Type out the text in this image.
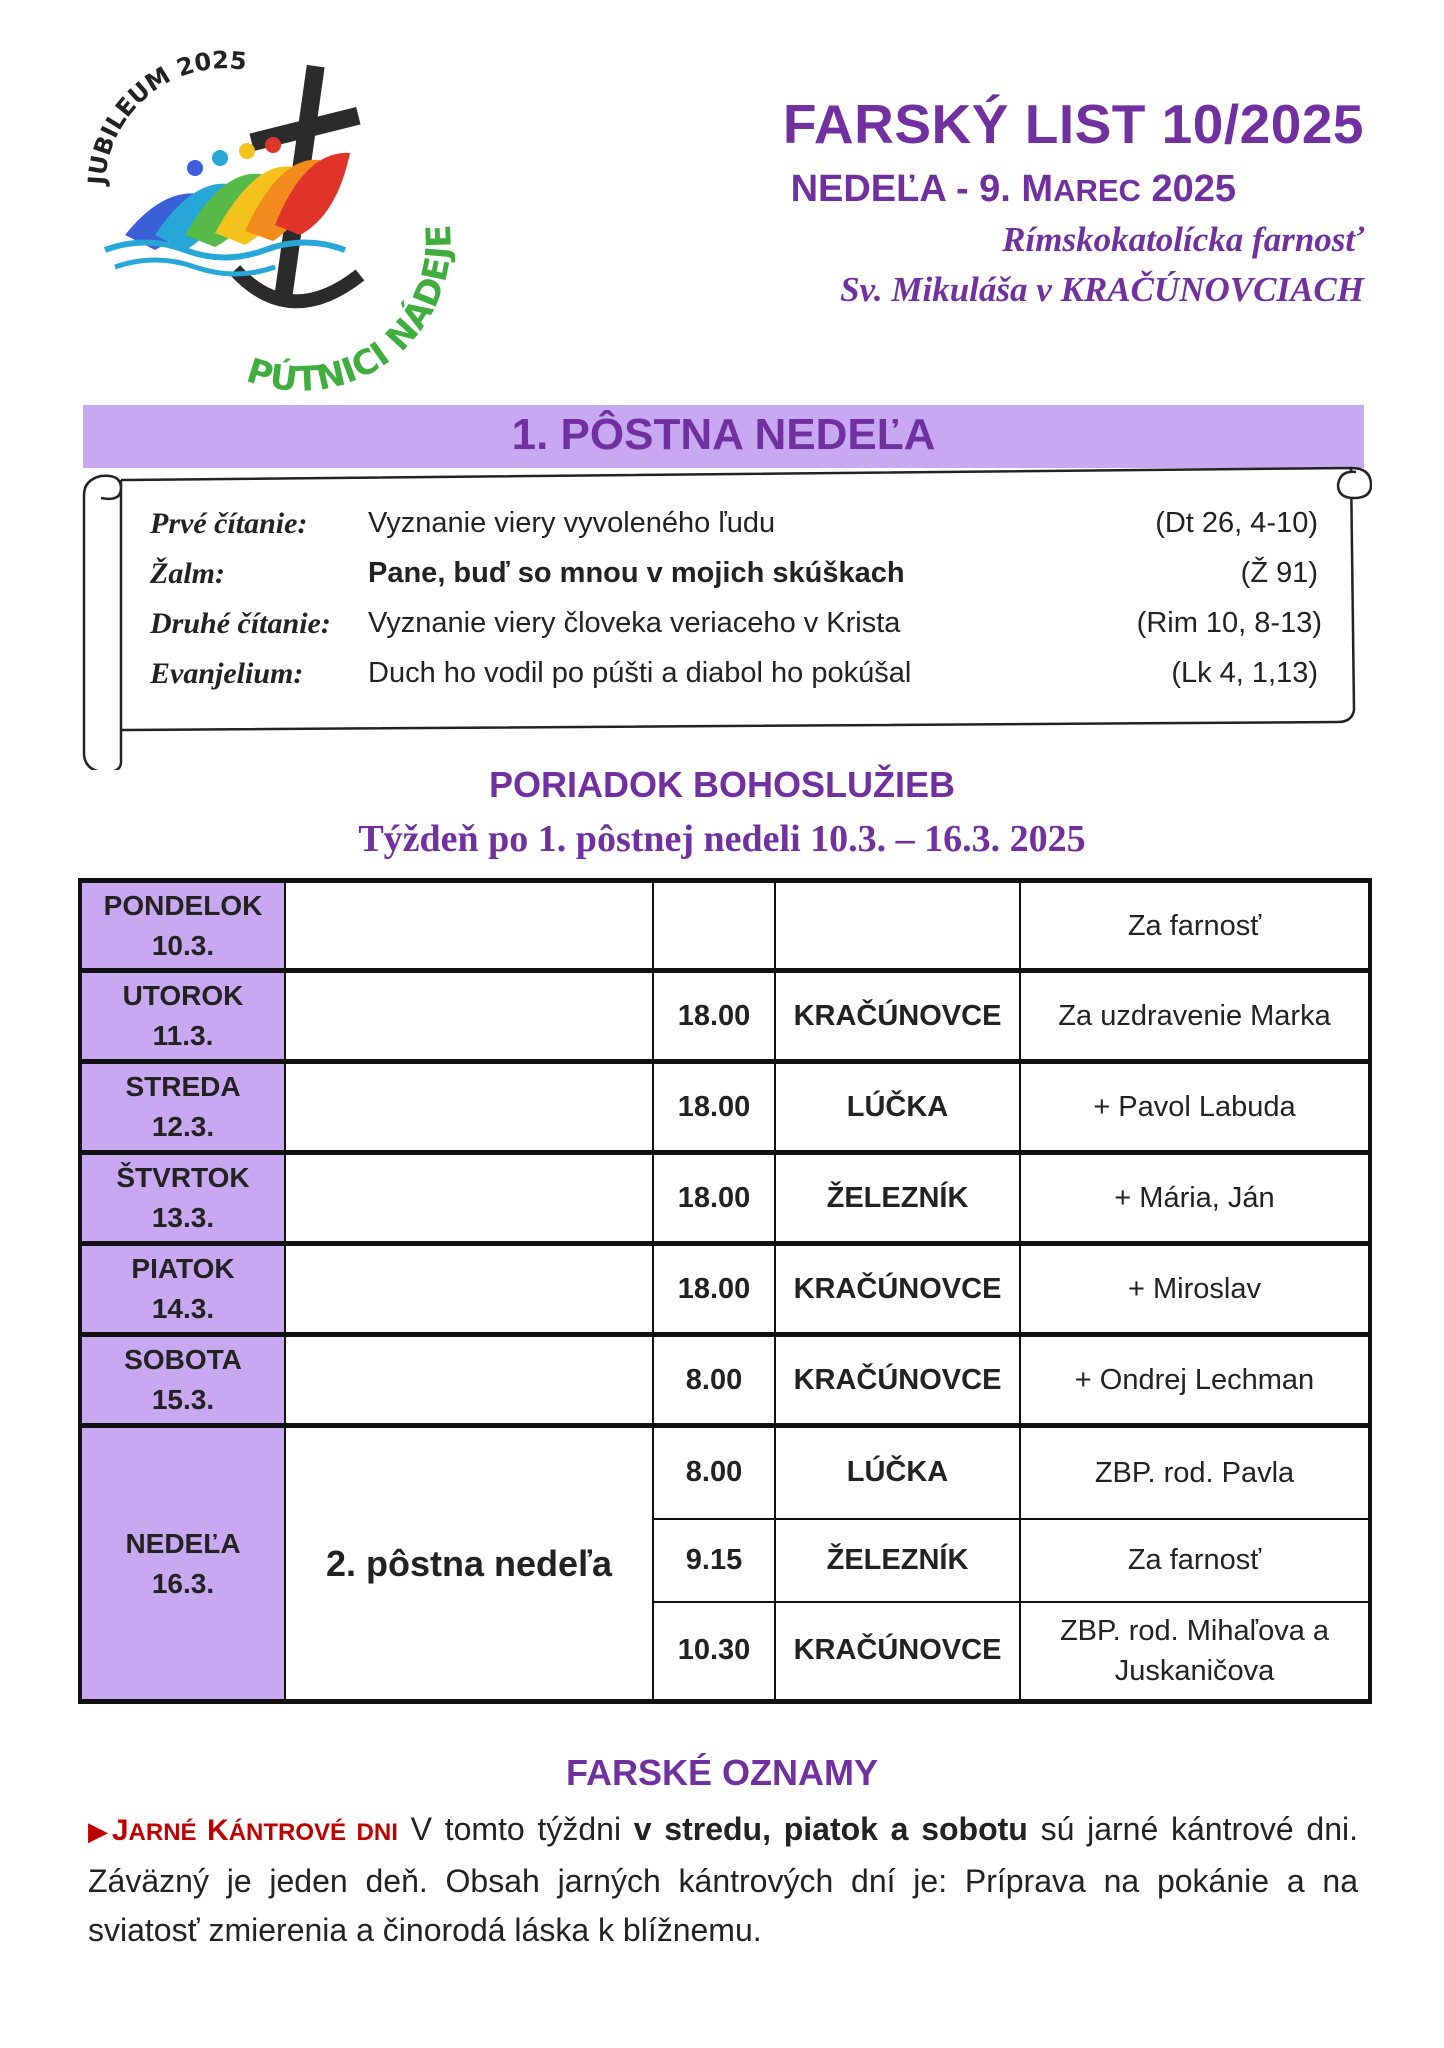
JUBILEUM 2025
PÚTNICI NÁDE
FARSKÝ LIST 10/2025
NEDEĽA - 9. MAREC 2025
Rímskokatolícka farnosť
Sv. Mikuláša v KRAČÚNOVCIACH
1. PÔSTNA NEDEĽA
Prvé čítanie: Vyznanie viery vyvoleného ľudu	(Dt 26, 4-10)
Žalm:	Pane, buď so mnou v mojich skúškach	(Ž 91)
Druhé čítanie: Vyznanie viery človeka veriaceho v Krista	(Rim 10, 8-13)
Evanjelium: Duch ho vodil po púšti a diabol ho pokúšal	(Lk 4, 1,13)
PORIADOK BOHOSLUŽIEB
Týždeň po 1. pôstnej nedeli 10.3. – 16.3. 2025
PONDELOK
10.3.				Za farnosť
UTOROK
11.3.		18.00	KRAČÚNOVCE	Za uzdravenie Marka
STREDA
12.3.		18.00	LÚČKA	+ Pavol Labuda
ŠTVRTOK
13.3.		18.00	ŽELEZNÍK	+ Mária, Ján
PIATOK
14.3.		18.00	KRAČÚNOVCE	+ Miroslav
SOBOTA
15.3.		8.00	KRAČÚNOVCE	+ Ondrej Lechman
NEDEĽA
16.3.	2. pôstna nedeľa	8.00	LÚČKA	ZBP. rod. Pavla
		9.15	ŽELEZNÍK	Za farnosť
		10.30	KRAČÚNOVCE	ZBP. rod. Mihaľova a
Juskaničova
FARSKÉ OZNAMY
▶JARNÉ KÁNTROVÉ DNI V tomto týždni v stredu, piatok a sobotu sú jarné kántrové dni. Záväzný je jeden deň. Obsah jarných kántrových dní je: Príprava na pokánie a na sviatosť zmierenia a činorodá láska k blížnemu.
